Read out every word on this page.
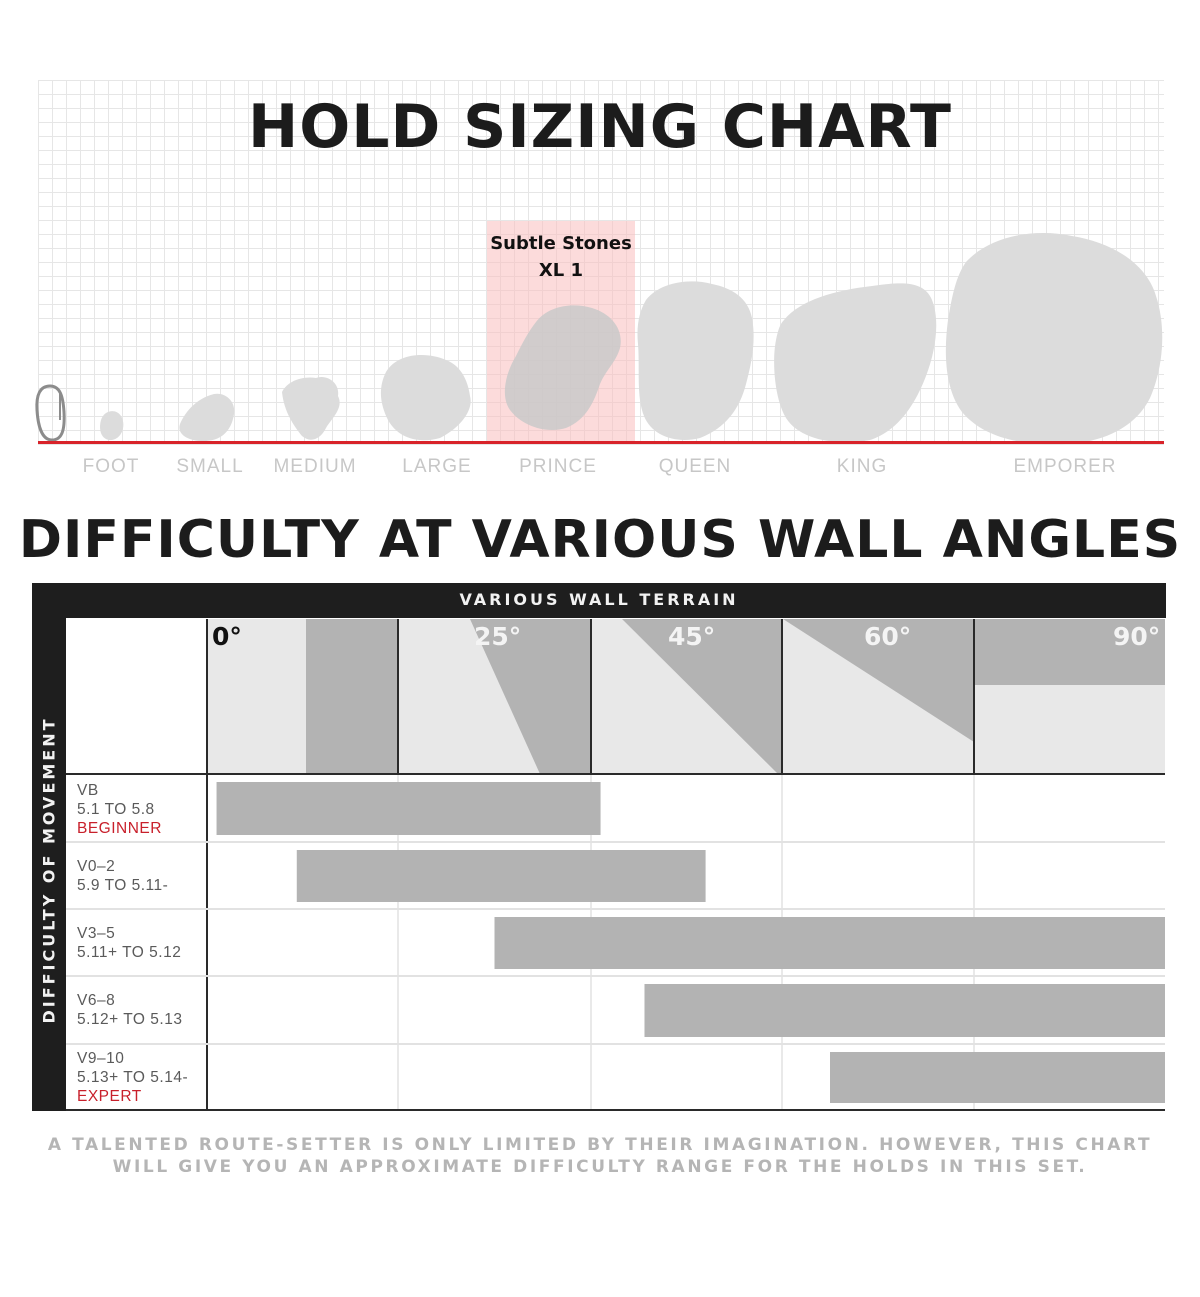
HOLD SIZING CHART
Subtle Stones
XL 1
FOOT SMALL MEDIUM LARGE PRINCE	QUEEN	KING	EMPORER
DIFFICULTY AT VARIOUS WALL ANGLES
VARIOUS WALL TERRAIN
DIFFICULTY OF MOVEMENT
0°	25°	45°	60°	90°
VB
5.1 TO 5.8
BEGINNER
V0–2
5.9 TO 5.11-
V3–5
5.11+ TO 5.12
V6–8
5.12+ TO 5.13
V9–10
5.13+ TO 5.14-
EXPERT
A TALENTED ROUTE-SETTER IS ONLY LIMITED BY THEIR IMAGINATION. HOWEVER, THIS CHART
WILL GIVE YOU AN APPROXIMATE DIFFICULTY RANGE FOR THE HOLDS IN THIS SET.
